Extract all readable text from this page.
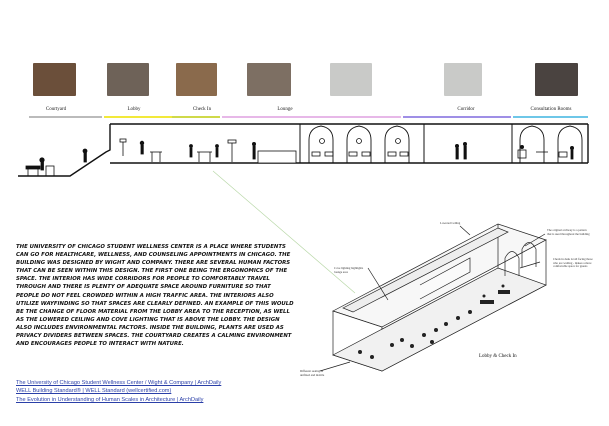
Courtyard	Lobby	Check In	Lounge	Corridor	Consultation Rooms
Lowered Ceiling
The original archway is a pattern that is used throughout the building
Cove lighting highlights lounge area
Check in desk is tall facing those who are waiting - makes a more comfortable space for guests
Different seating is unifixed and mobile
Lobby & Check In

THE UNIVERSITY OF CHICAGO STUDENT WELLNESS CENTER IS A PLACE WHERE STUDENTS CAN GO FOR HEALTHCARE, WELLNESS, AND COUNSELING APPOINTMENTS IN CHICAGO. THE BUILDING WAS DESIGNED BY WIGHT AND COMPANY. THERE ARE SEVERAL HUMAN FACTORS THAT CAN BE SEEN WITHIN THIS DESIGN. THE FIRST ONE BEING THE ERGONOMICS OF THE SPACE. THE INTERIOR HAS WIDE CORRIDORS FOR PEOPLE TO COMFORTABLY TRAVEL THROUGH AND THERE IS PLENTY OF ADEQUATE SPACE AROUND FURNITURE SO THAT PEOPLE DO NOT FEEL CROWDED WITHIN A HIGH TRAFFIC AREA. THE INTERIORS ALSO UTILIZE WAYFINDING SO THAT SPACES ARE CLEARLY DEFINED. AN EXAMPLE OF THIS WOULD BE THE CHANGE OF FLOOR MATERIAL FROM THE LOBBY AREA TO THE RECEPTION, AS WELL AS THE LOWERED CEILING AND COVE LIGHTING THAT IS ABOVE THE LOBBY. THE DESIGN ALSO INCLUDES ENVIRONMENTAL FACTORS. INSIDE THE BUILDING, PLANTS ARE USED AS PRIVACY DIVIDERS BETWEEN SPACES. THE COURTYARD CREATES A CALMING ENVIRONMENT AND ENCOURAGES PEOPLE TO INTERACT WITH NATURE.

The University of Chicago Student Wellness Center / Wight & Company | ArchDaily
WELL Building Standard® | WELL Standard (wellcertified.com)
The Evolution in Understanding of Human Scales in Architecture | ArchDaily
